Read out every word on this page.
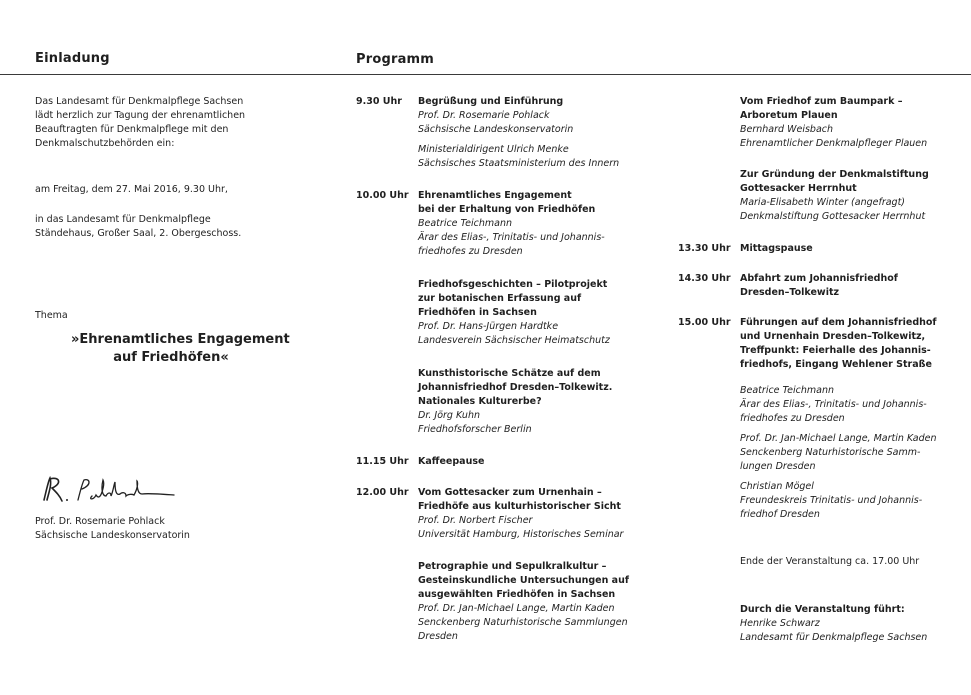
Einladung	Programm
Das Landesamt für Denkmalpflege Sachsen
lädt herzlich zur Tagung der ehrenamtlichen
Beauftragten für Denkmalpflege mit den
Denkmalschutzbehörden ein:
am Freitag, dem 27. Mai 2016, 9.30 Uhr,
in das Landesamt für Denkmalpflege
Ständehaus, Großer Saal, 2. Obergeschoss.
Thema
»Ehrenamtliches Engagement
auf Friedhöfen«
Prof. Dr. Rosemarie Pohlack
Sächsische Landeskonservatorin
9.30 Uhr Begrüßung und Einführung
Prof. Dr. Rosemarie Pohlack
Sächsische Landeskonservatorin
Ministerialdirigent Ulrich Menke
Sächsisches Staatsministerium des Innern
10.00 Uhr Ehrenamtliches Engagement
bei der Erhaltung von Friedhöfen
Beatrice Teichmann
Ärar des Elias-, Trinitatis- und Johannis-
friedhofes zu Dresden
Friedhofsgeschichten – Pilotprojekt
zur botanischen Erfassung auf
Friedhöfen in Sachsen
Prof. Dr. Hans-Jürgen Hardtke
Landesverein Sächsischer Heimatschutz
Kunsthistorische Schätze auf dem
Johannisfriedhof Dresden–Tolkewitz.
Nationales Kulturerbe?
Dr. Jörg Kuhn
Friedhofsforscher Berlin
11.15 Uhr Kaffeepause
12.00 Uhr Vom Gottesacker zum Urnenhain –
Friedhöfe aus kulturhistorischer Sicht
Prof. Dr. Norbert Fischer
Universität Hamburg, Historisches Seminar
Petrographie und Sepulkralkultur –
Gesteinskundliche Untersuchungen auf
ausgewählten Friedhöfen in Sachsen
Prof. Dr. Jan-Michael Lange, Martin Kaden
Senckenberg Naturhistorische Sammlungen
Dresden
Vom Friedhof zum Baumpark –
Arboretum Plauen
Bernhard Weisbach
Ehrenamtlicher Denkmalpfleger Plauen
Zur Gründung der Denkmalstiftung
Gottesacker Herrnhut
Maria-Elisabeth Winter (angefragt)
Denkmalstiftung Gottesacker Herrnhut
13.30 Uhr Mittagspause
14.30 Uhr Abfahrt zum Johannisfriedhof
Dresden–Tolkewitz
15.00 Uhr Führungen auf dem Johannisfriedhof
und Urnenhain Dresden–Tolkewitz,
Treffpunkt: Feierhalle des Johannis-
friedhofs, Eingang Wehlener Straße
Beatrice Teichmann
Ärar des Elias-, Trinitatis- und Johannis-
friedhofes zu Dresden
Prof. Dr. Jan-Michael Lange, Martin Kaden
Senckenberg Naturhistorische Samm-
lungen Dresden
Christian Mögel
Freundeskreis Trinitatis- und Johannis-
friedhof Dresden
Ende der Veranstaltung ca. 17.00 Uhr
Durch die Veranstaltung führt:
Henrike Schwarz
Landesamt für Denkmalpflege Sachsen
